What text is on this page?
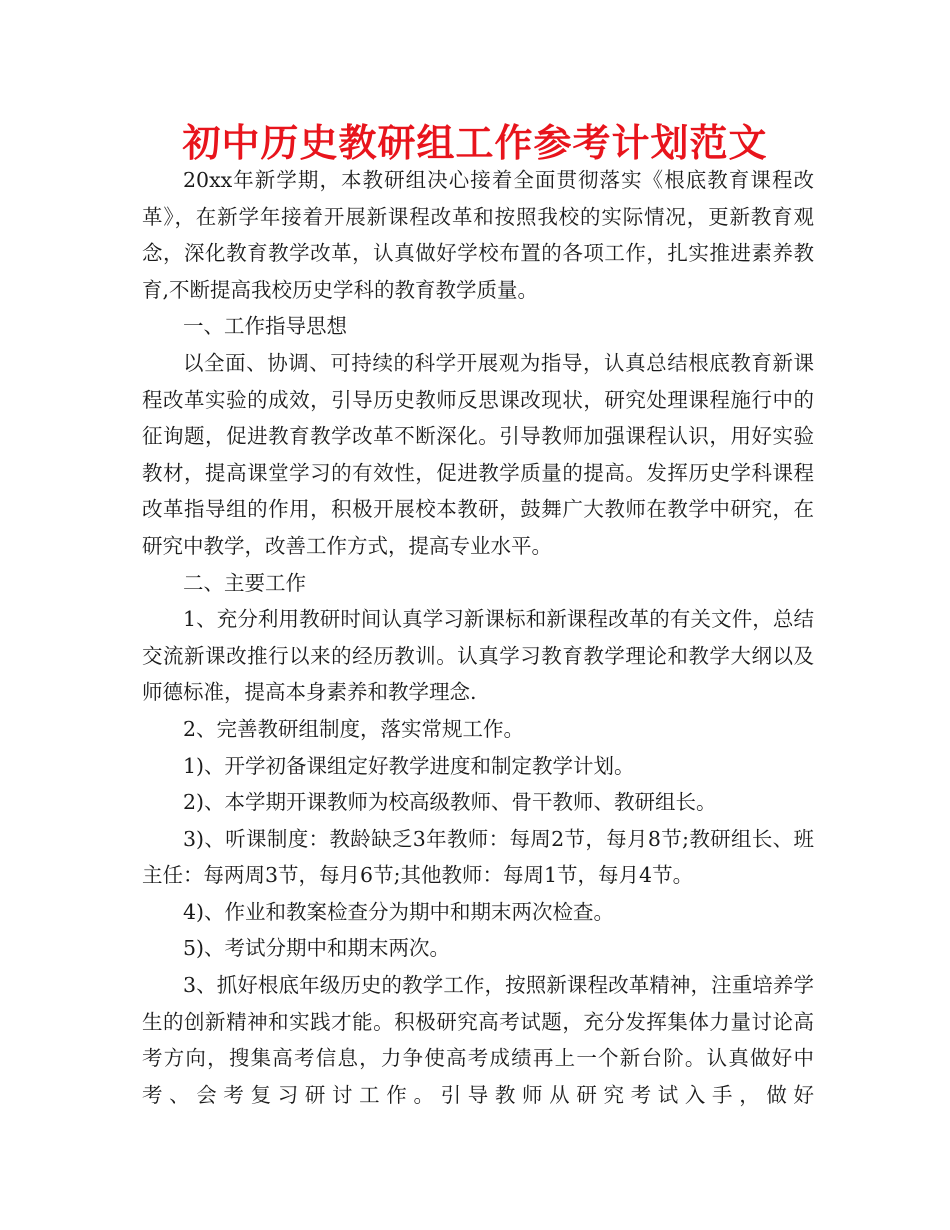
初中历史教研组工作参考计划范文

20xx年新学期，本教研组决心接着全面贯彻落实《根底教育课程改革》，在新学年接着开展新课程改革和按照我校的实际情况，更新教育观念，深化教育教学改革，认真做好学校布置的各项工作，扎实推进素养教育,不断提高我校历史学科的教育教学质量。

一、工作指导思想

以全面、协调、可持续的科学开展观为指导，认真总结根底教育新课程改革实验的成效，引导历史教师反思课改现状，研究处理课程施行中的征询题，促进教育教学改革不断深化。引导教师加强课程认识，用好实验教材，提高课堂学习的有效性，促进教学质量的提高。发挥历史学科课程改革指导组的作用，积极开展校本教研，鼓舞广大教师在教学中研究，在研究中教学，改善工作方式，提高专业水平。

二、主要工作

1、充分利用教研时间认真学习新课标和新课程改革的有关文件，总结交流新课改推行以来的经历教训。认真学习教育教学理论和教学大纲以及师德标准，提高本身素养和教学理念.

2、完善教研组制度，落实常规工作。

1)、开学初备课组定好教学进度和制定教学计划。

2)、本学期开课教师为校高级教师、骨干教师、教研组长。

3)、听课制度：教龄缺乏3年教师：每周2节，每月8节;教研组长、班主任：每两周3节，每月6节;其他教师：每周1节，每月4节。

4)、作业和教案检查分为期中和期末两次检查。

5)、考试分期中和期末两次。

3、抓好根底年级历史的教学工作，按照新课程改革精神，注重培养学生的创新精神和实践才能。积极研究高考试题，充分发挥集体力量讨论高考方向，搜集高考信息，力争使高考成绩再上一个新台阶。认真做好中考、会考复习研讨工作。引导教师从研究考试入手，做好
